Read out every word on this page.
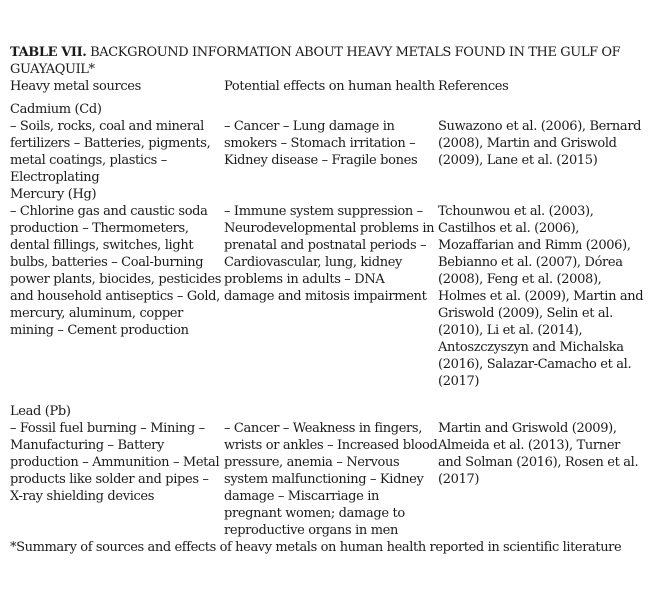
TABLE VII. BACKGROUND INFORMATION ABOUT HEAVY METALS FOUND IN THE GULF OF GUAYAQUIL*

Heavy metal sources	Potential effects on human health References

Cadmium (Cd)

– Soils, rocks, coal and mineral fertilizers – Batteries, pigments, metal coatings, plastics – Electroplating
– Cancer – Lung damage in smokers – Stomach irritation – Kidney disease – Fragile bones
Suwazono et al. (2006), Bernard (2008), Martin and Griswold (2009), Lane et al. (2015)

Mercury (Hg)

– Chlorine gas and caustic soda production – Thermometers, dental fillings, switches, light bulbs, batteries – Coal-burning power plants, biocides, pesticides and household antiseptics – Gold, mercury, aluminum, copper mining – Cement production
– Immune system suppression – Neurodevelopmental problems in prenatal and postnatal periods – Cardiovascular, lung, kidney problems in adults – DNA damage and mitosis impairment
Tchounwou et al. (2003), Castilhos et al. (2006), Mozaffarian and Rimm (2006), Bebianno et al. (2007), Dórea (2008), Feng et al. (2008), Holmes et al. (2009), Martin and Griswold (2009), Selin et al. (2010), Li et al. (2014), Antoszczyszyn and Michalska (2016), Salazar-Camacho et al. (2017)

Lead (Pb)

– Fossil fuel burning – Mining – Manufacturing – Battery production – Ammunition – Metal products like solder and pipes – X-ray shielding devices
– Cancer – Weakness in fingers, wrists or ankles – Increased blood pressure, anemia – Nervous system malfunctioning – Kidney damage – Miscarriage in pregnant women; damage to reproductive organs in men
Martin and Griswold (2009), Almeida et al. (2013), Turner and Solman (2016), Rosen et al. (2017)

*Summary of sources and effects of heavy metals on human health reported in scientific literature
